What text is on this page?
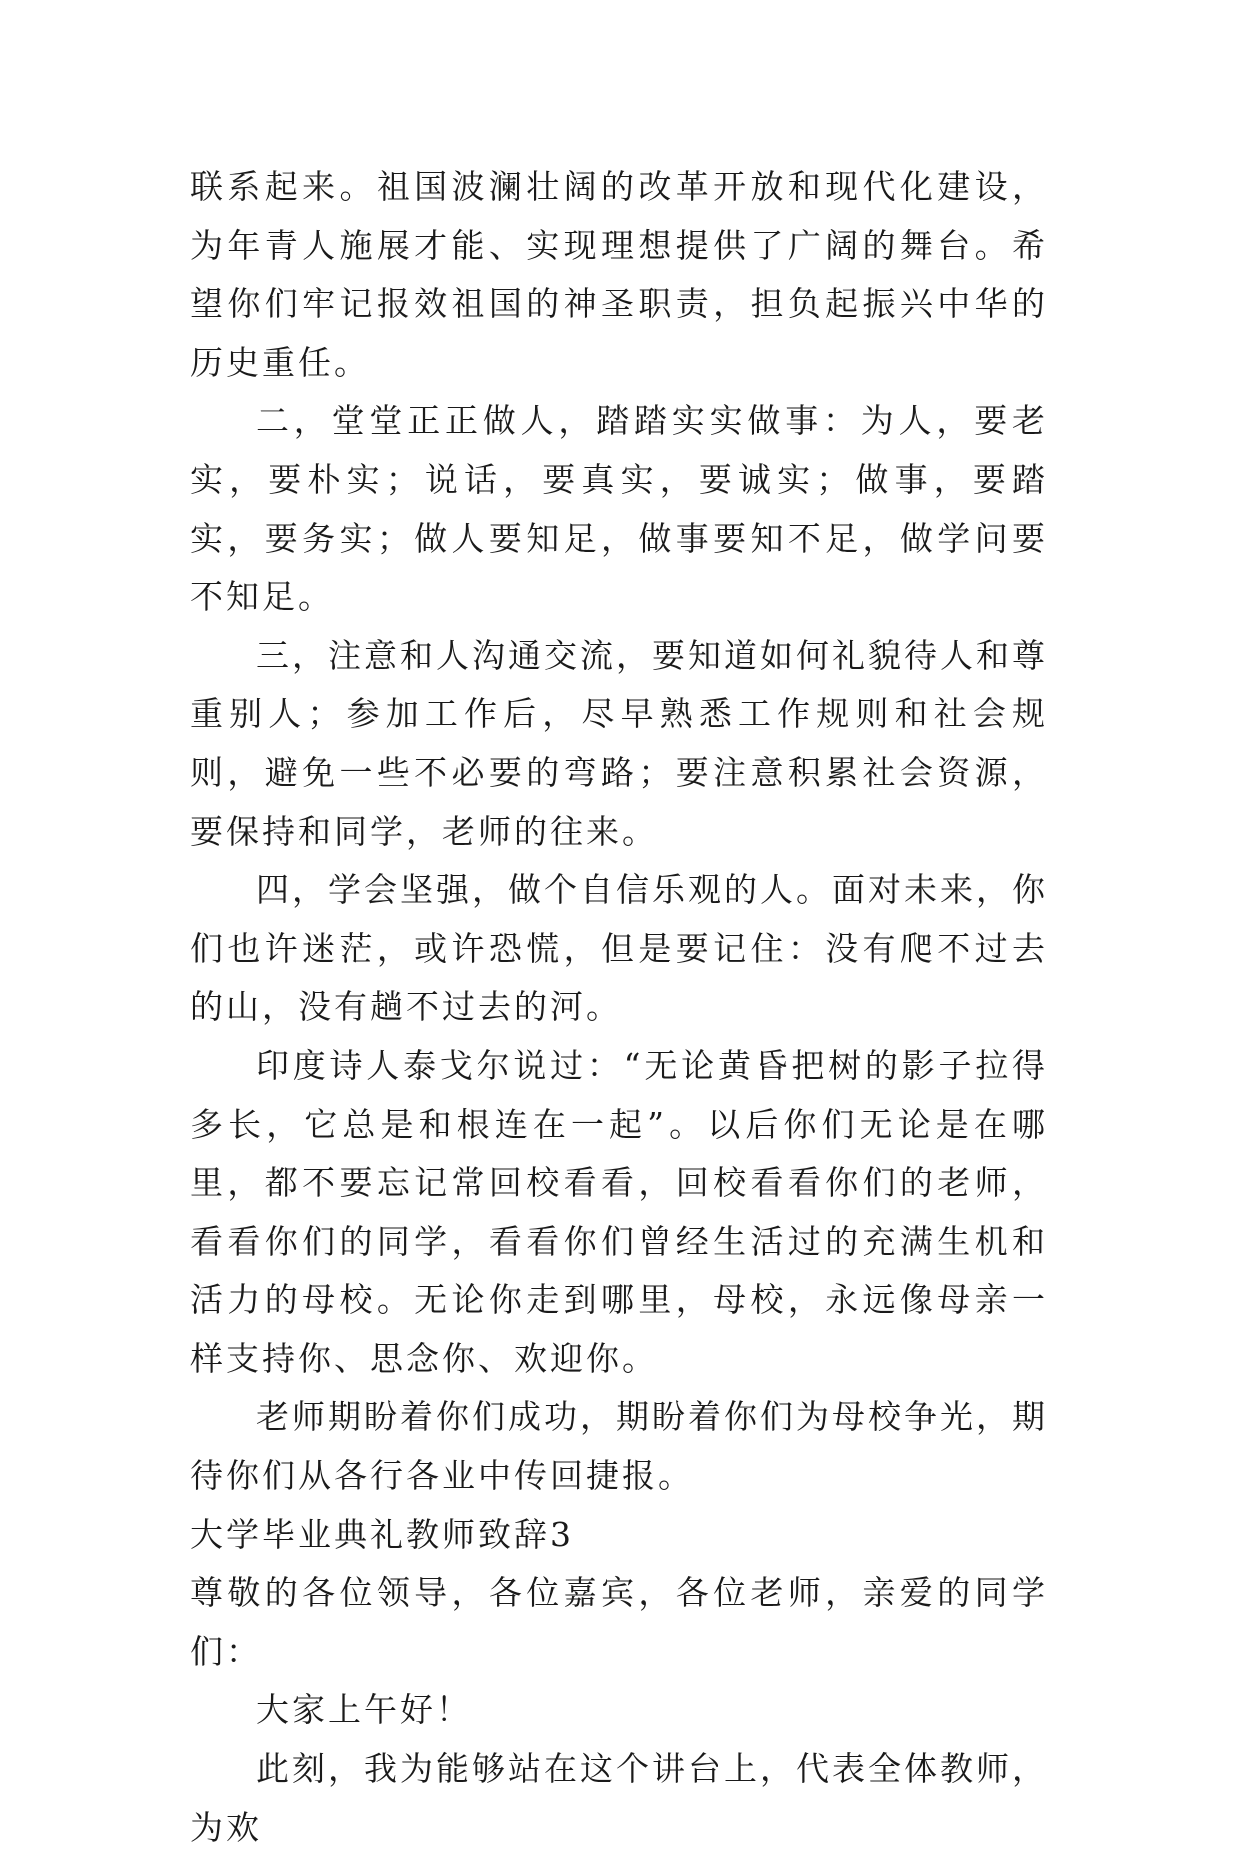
联系起来。祖国波澜壮阔的改革开放和现代化建设，为年青人施展才能、实现理想提供了广阔的舞台。希望你们牢记报效祖国的神圣职责，担负起振兴中华的历史重任。

二，堂堂正正做人，踏踏实实做事：为人，要老实，要朴实；说话，要真实，要诚实；做事，要踏实，要务实；做人要知足，做事要知不足，做学问要不知足。

三，注意和人沟通交流，要知道如何礼貌待人和尊重别人；参加工作后，尽早熟悉工作规则和社会规则，避免一些不必要的弯路；要注意积累社会资源，要保持和同学，老师的往来。

四，学会坚强，做个自信乐观的人。面对未来，你们也许迷茫，或许恐慌，但是要记住：没有爬不过去的山，没有趟不过去的河。

印度诗人泰戈尔说过：“无论黄昏把树的影子拉得多长，它总是和根连在一起”。以后你们无论是在哪里，都不要忘记常回校看看，回校看看你们的老师，看看你们的同学，看看你们曾经生活过的充满生机和活力的母校。无论你走到哪里，母校，永远像母亲一样支持你、思念你、欢迎你。

老师期盼着你们成功，期盼着你们为母校争光，期待你们从各行各业中传回捷报。

大学毕业典礼教师致辞3

尊敬的各位领导，各位嘉宾，各位老师，亲爱的同学们：

大家上午好！

此刻，我为能够站在这个讲台上，代表全体教师，为欢
